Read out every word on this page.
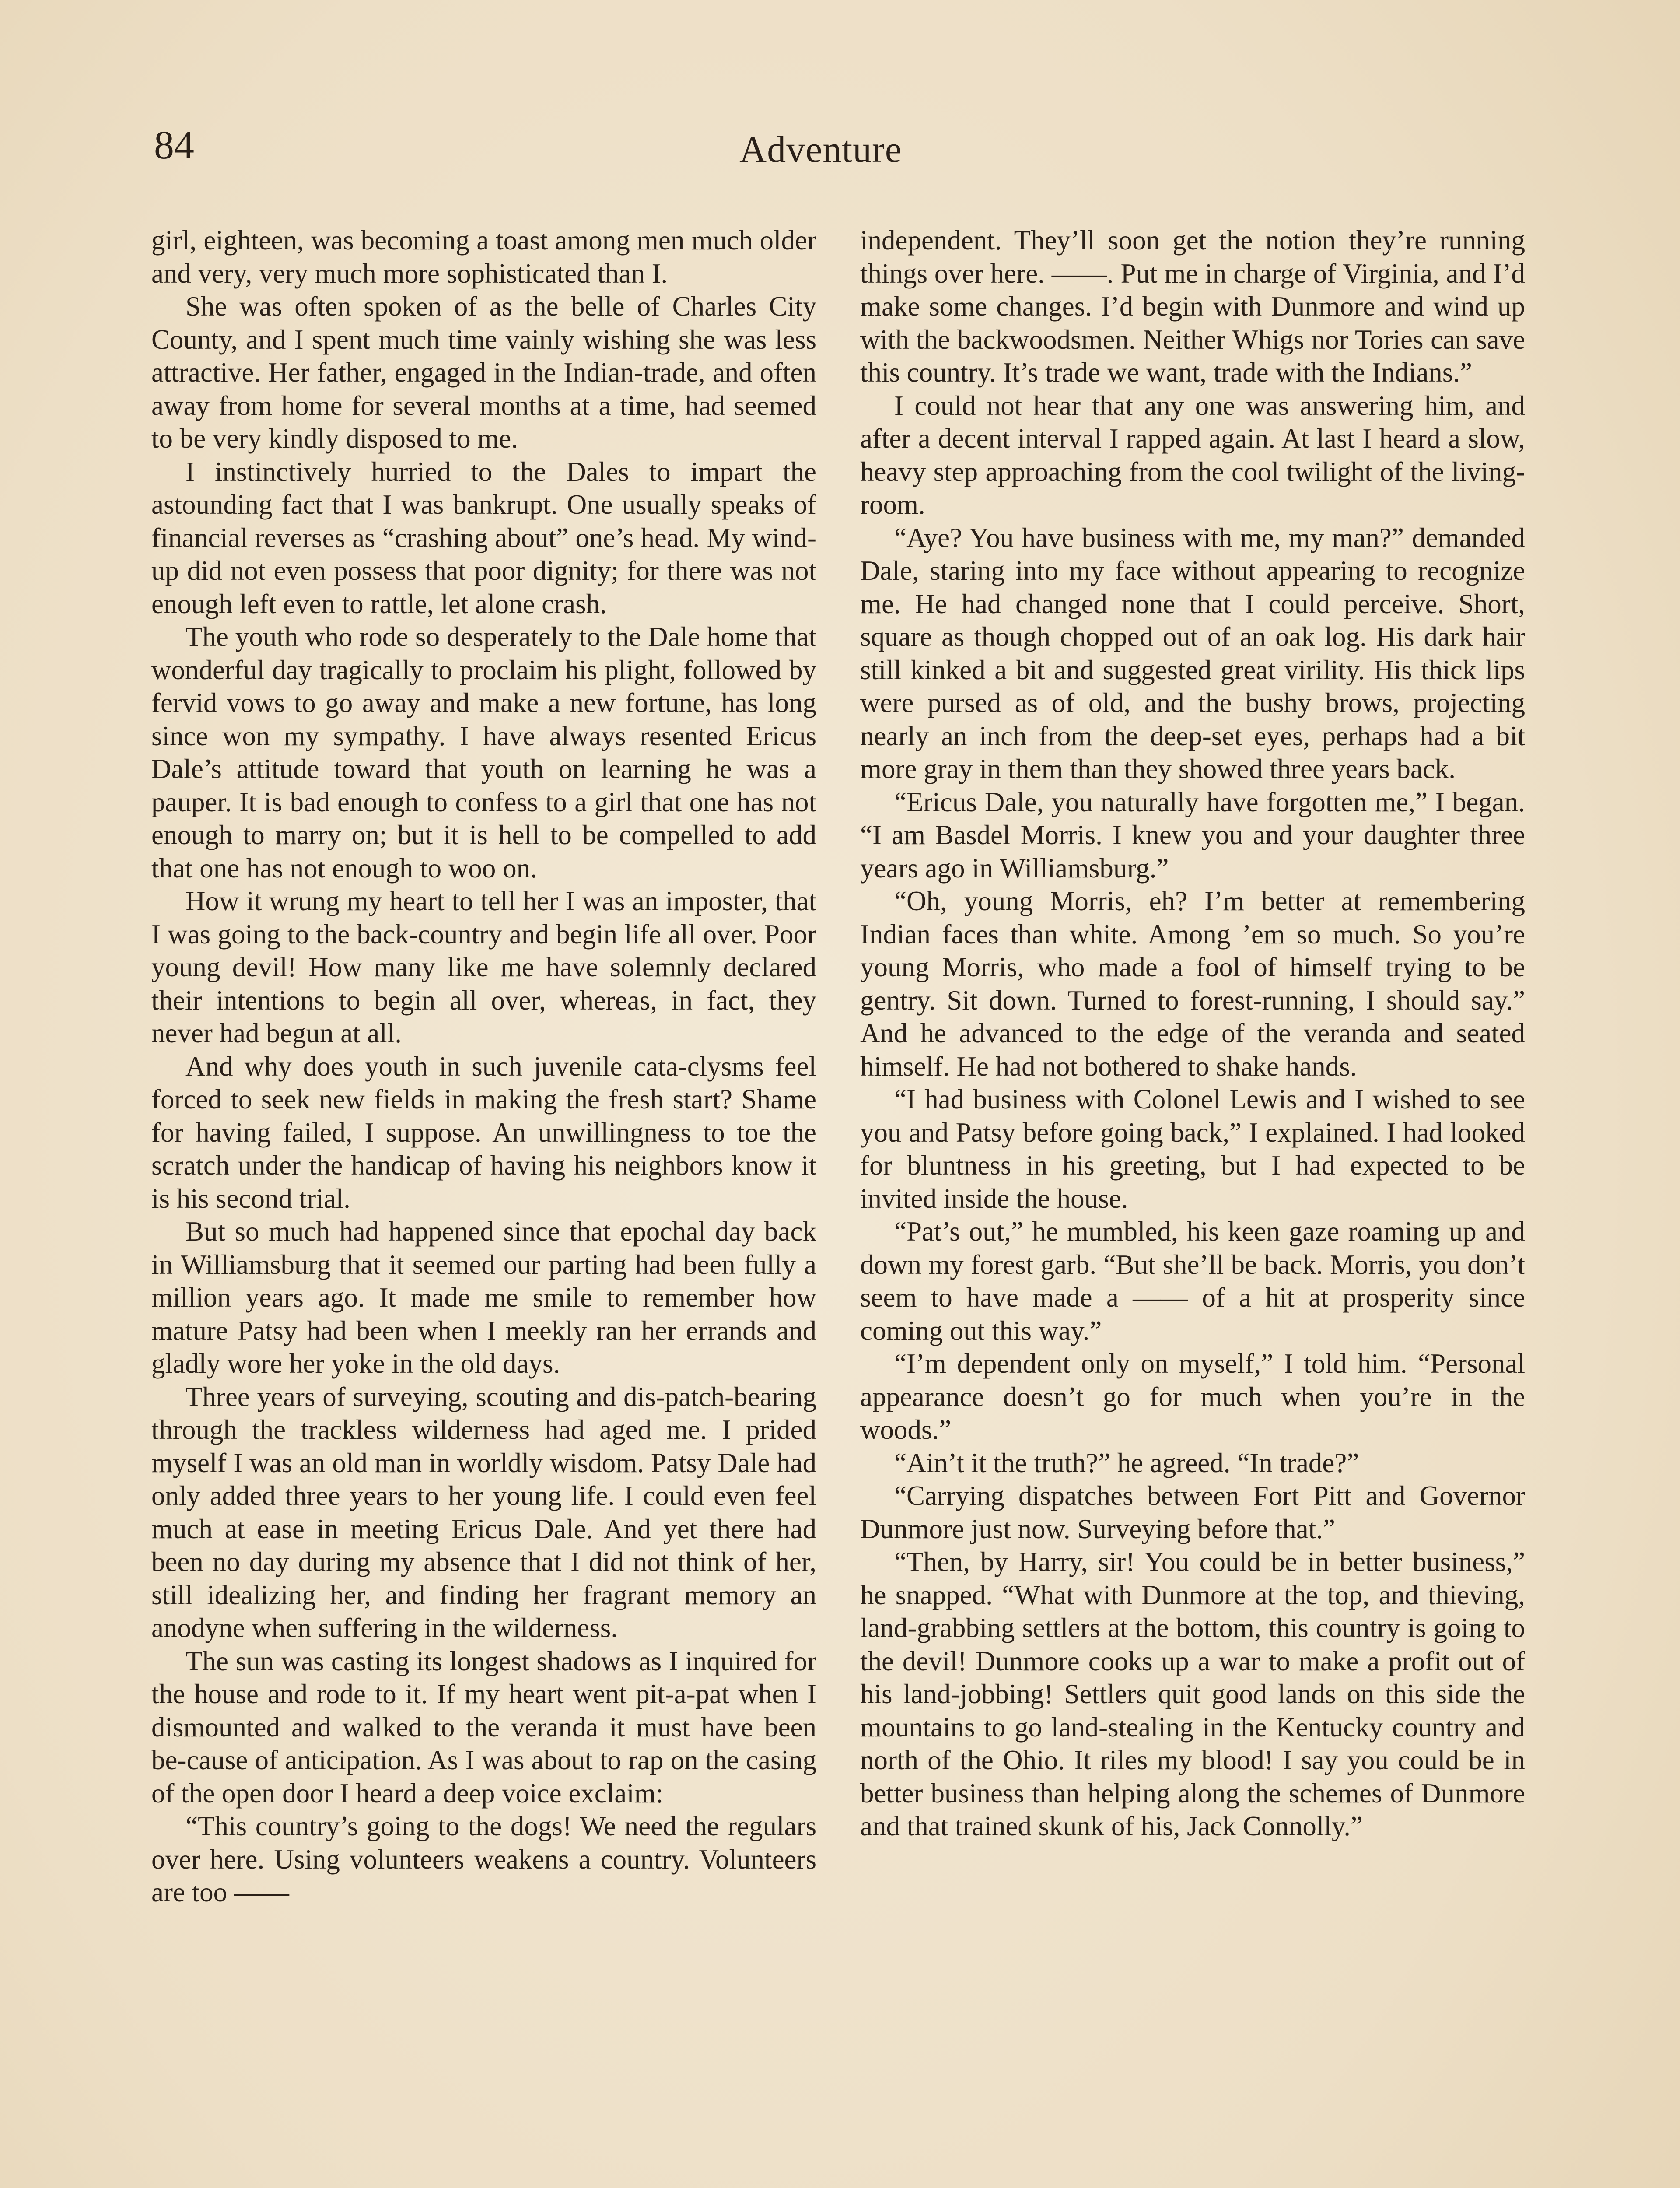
84	Adventure

girl, eighteen, was becoming a toast among men much older and very, very much more sophisticated than I.

She was often spoken of as the belle of Charles City County, and I spent much time vainly wishing she was less attractive. Her father, engaged in the Indian-trade, and often away from home for several months at a time, had seemed to be very kindly disposed to me.

I instinctively hurried to the Dales to impart the astounding fact that I was bankrupt. One usually speaks of financial reverses as “crashing about” one’s head. My wind-up did not even possess that poor dignity; for there was not enough left even to rattle, let alone crash.

The youth who rode so desperately to the Dale home that wonderful day tragically to proclaim his plight, followed by fervid vows to go away and make a new fortune, has long since won my sympathy. I have always resented Ericus Dale’s attitude toward that youth on learning he was a pauper. It is bad enough to confess to a girl that one has not enough to marry on; but it is hell to be compelled to add that one has not enough to woo on.

How it wrung my heart to tell her I was an imposter, that I was going to the back-country and begin life all over. Poor young devil! How many like me have solemnly declared their intentions to begin all over, whereas, in fact, they never had begun at all.

And why does youth in such juvenile cata-clysms feel forced to seek new fields in making the fresh start? Shame for having failed, I suppose. An unwillingness to toe the scratch under the handicap of having his neighbors know it is his second trial.

But so much had happened since that epochal day back in Williamsburg that it seemed our parting had been fully a million years ago. It made me smile to remember how mature Patsy had been when I meekly ran her errands and gladly wore her yoke in the old days.

Three years of surveying, scouting and dis-patch-bearing through the trackless wilderness had aged me. I prided myself I was an old man in worldly wisdom. Patsy Dale had only added three years to her young life. I could even feel much at ease in meeting Ericus Dale. And yet there had been no day during my absence that I did not think of her, still idealizing her, and finding her fragrant memory an anodyne when suffering in the wilderness.

The sun was casting its longest shadows as I inquired for the house and rode to it. If my heart went pit-a-pat when I dismounted and walked to the veranda it must have been be-cause of anticipation. As I was about to rap on the casing of the open door I heard a deep voice exclaim:

“This country’s going to the dogs! We need the regulars over here. Using volunteers weakens a country. Volunteers are too ——

independent. They’ll soon get the notion they’re running things over here. ——. Put me in charge of Virginia, and I’d make some changes. I’d begin with Dunmore and wind up with the backwoodsmen. Neither Whigs nor Tories can save this country. It’s trade we want, trade with the Indians.”

I could not hear that any one was answering him, and after a decent interval I rapped again. At last I heard a slow, heavy step approaching from the cool twilight of the living-room.

“Aye? You have business with me, my man?” demanded Dale, staring into my face without appearing to recognize me. He had changed none that I could perceive. Short, square as though chopped out of an oak log. His dark hair still kinked a bit and suggested great virility. His thick lips were pursed as of old, and the bushy brows, projecting nearly an inch from the deep-set eyes, perhaps had a bit more gray in them than they showed three years back.

“Ericus Dale, you naturally have forgotten me,” I began. “I am Basdel Morris. I knew you and your daughter three years ago in Williamsburg.”

“Oh, young Morris, eh? I’m better at remembering Indian faces than white. Among ’em so much. So you’re young Morris, who made a fool of himself trying to be gentry. Sit down. Turned to forest-running, I should say.” And he advanced to the edge of the veranda and seated himself. He had not bothered to shake hands.

“I had business with Colonel Lewis and I wished to see you and Patsy before going back,” I explained. I had looked for bluntness in his greeting, but I had expected to be invited inside the house.

“Pat’s out,” he mumbled, his keen gaze roaming up and down my forest garb. “But she’ll be back. Morris, you don’t seem to have made a —— of a hit at prosperity since coming out this way.”

“I’m dependent only on myself,” I told him. “Personal appearance doesn’t go for much when you’re in the woods.”

“Ain’t it the truth?” he agreed. “In trade?”

“Carrying dispatches between Fort Pitt and Governor Dunmore just now. Surveying before that.”

“Then, by Harry, sir! You could be in better business,” he snapped. “What with Dunmore at the top, and thieving, land-grabbing settlers at the bottom, this country is going to the devil! Dunmore cooks up a war to make a profit out of his land-jobbing! Settlers quit good lands on this side the mountains to go land-stealing in the Kentucky country and north of the Ohio. It riles my blood! I say you could be in better business than helping along the schemes of Dunmore and that trained skunk of his, Jack Connolly.”
